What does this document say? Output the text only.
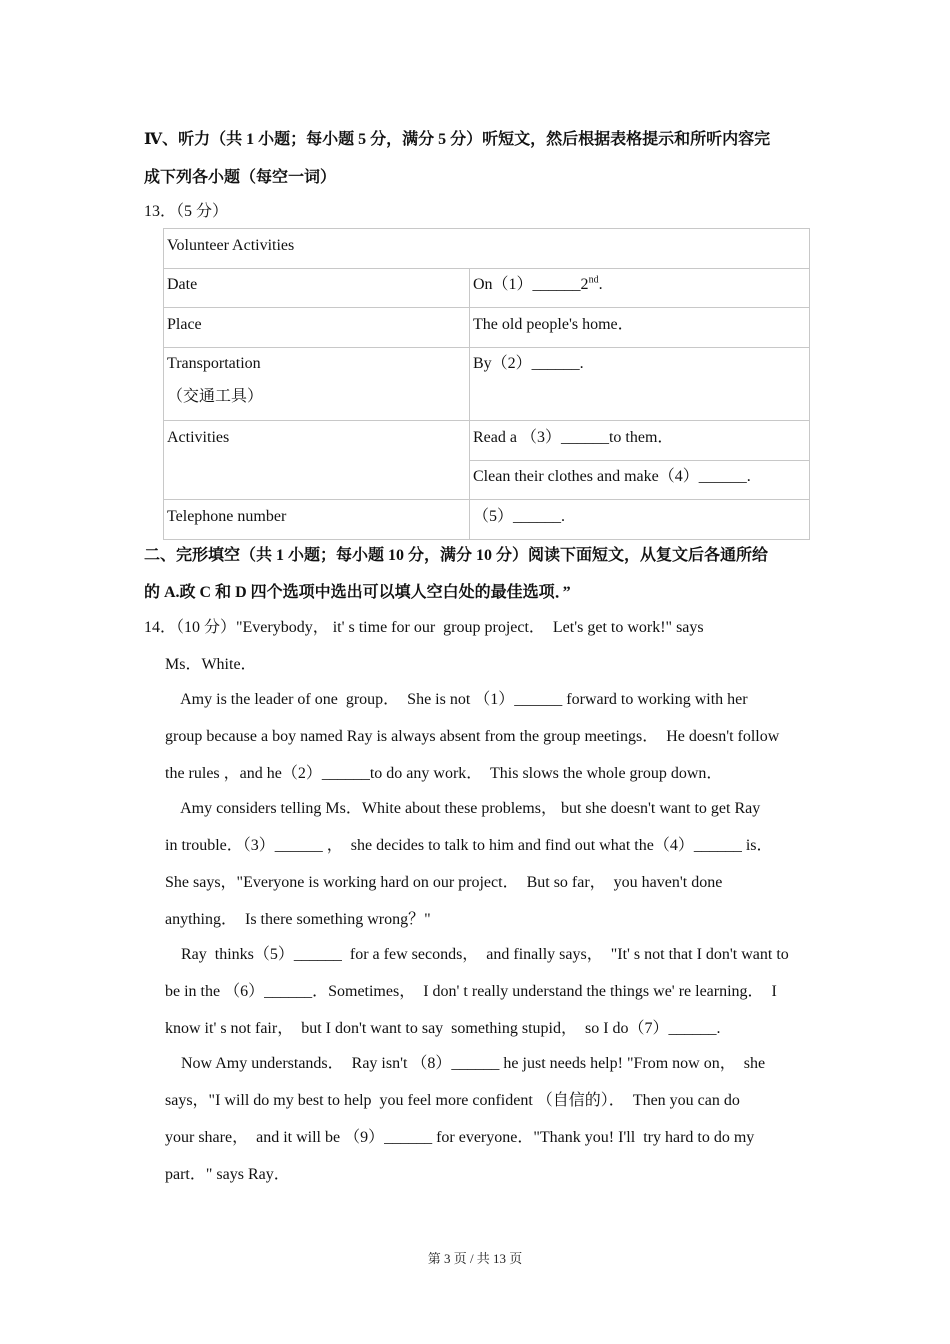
Ⅳ、听力（共 1 小题；每小题 5 分，满分 5 分）听短文，然后根据表格提示和所听内容完
成下列各小题（每空一词）
13．（5 分）
Volunteer Activities	
Date	On（1）______2nd.
Place	The old people's home．

Transportation
（交通工具）	By（2）______.
Activities	Read a （3）______to them．
	Clean their clothes and make（4）______.
Telephone number	（5）______.
二、完形填空（共 1 小题；每小题 10 分，满分 10 分）阅读下面短文，从复文后各通所给
的 A.政 C 和 D 四个选项中选出可以填人空白处的最佳选项．”
14．（10 分）"Everybody， it' s time for our  group project．  Let's get to work!" says
Ms．White．
Amy is the leader of one  group．  She is not （1）______ forward to working with her
group because a boy named Ray is always absent from the group meetings．  He doesn't follow
the rules ，and he（2）______to do any work．  This slows the whole group down．
Amy considers telling Ms．White about these problems， but she doesn't want to get Ray
in trouble．（3）______ ，  she decides to talk to him and find out what the（4）______ is．
She says，"Everyone is working hard on our project．  But so far，  you haven't done
anything．  Is there something wrong？"
Ray  thinks（5）______  for a few seconds，  and finally says，  "It' s not that I don't want to
be in the （6）______．Sometimes，  I don' t really understand the things we' re learning．  I
know it' s not fair，  but I don't want to say  something stupid，  so I do（7）______.
Now Amy understands．  Ray isn't （8）______ he just needs help! "From now on，  she
says，"I will do my best to help  you feel more confident （自信的）．  Then you can do
your share，  and it will be （9）______ for everyone．"Thank you! I'll  try hard to do my
part．" says Ray．
第 3 页 / 共 13 页
